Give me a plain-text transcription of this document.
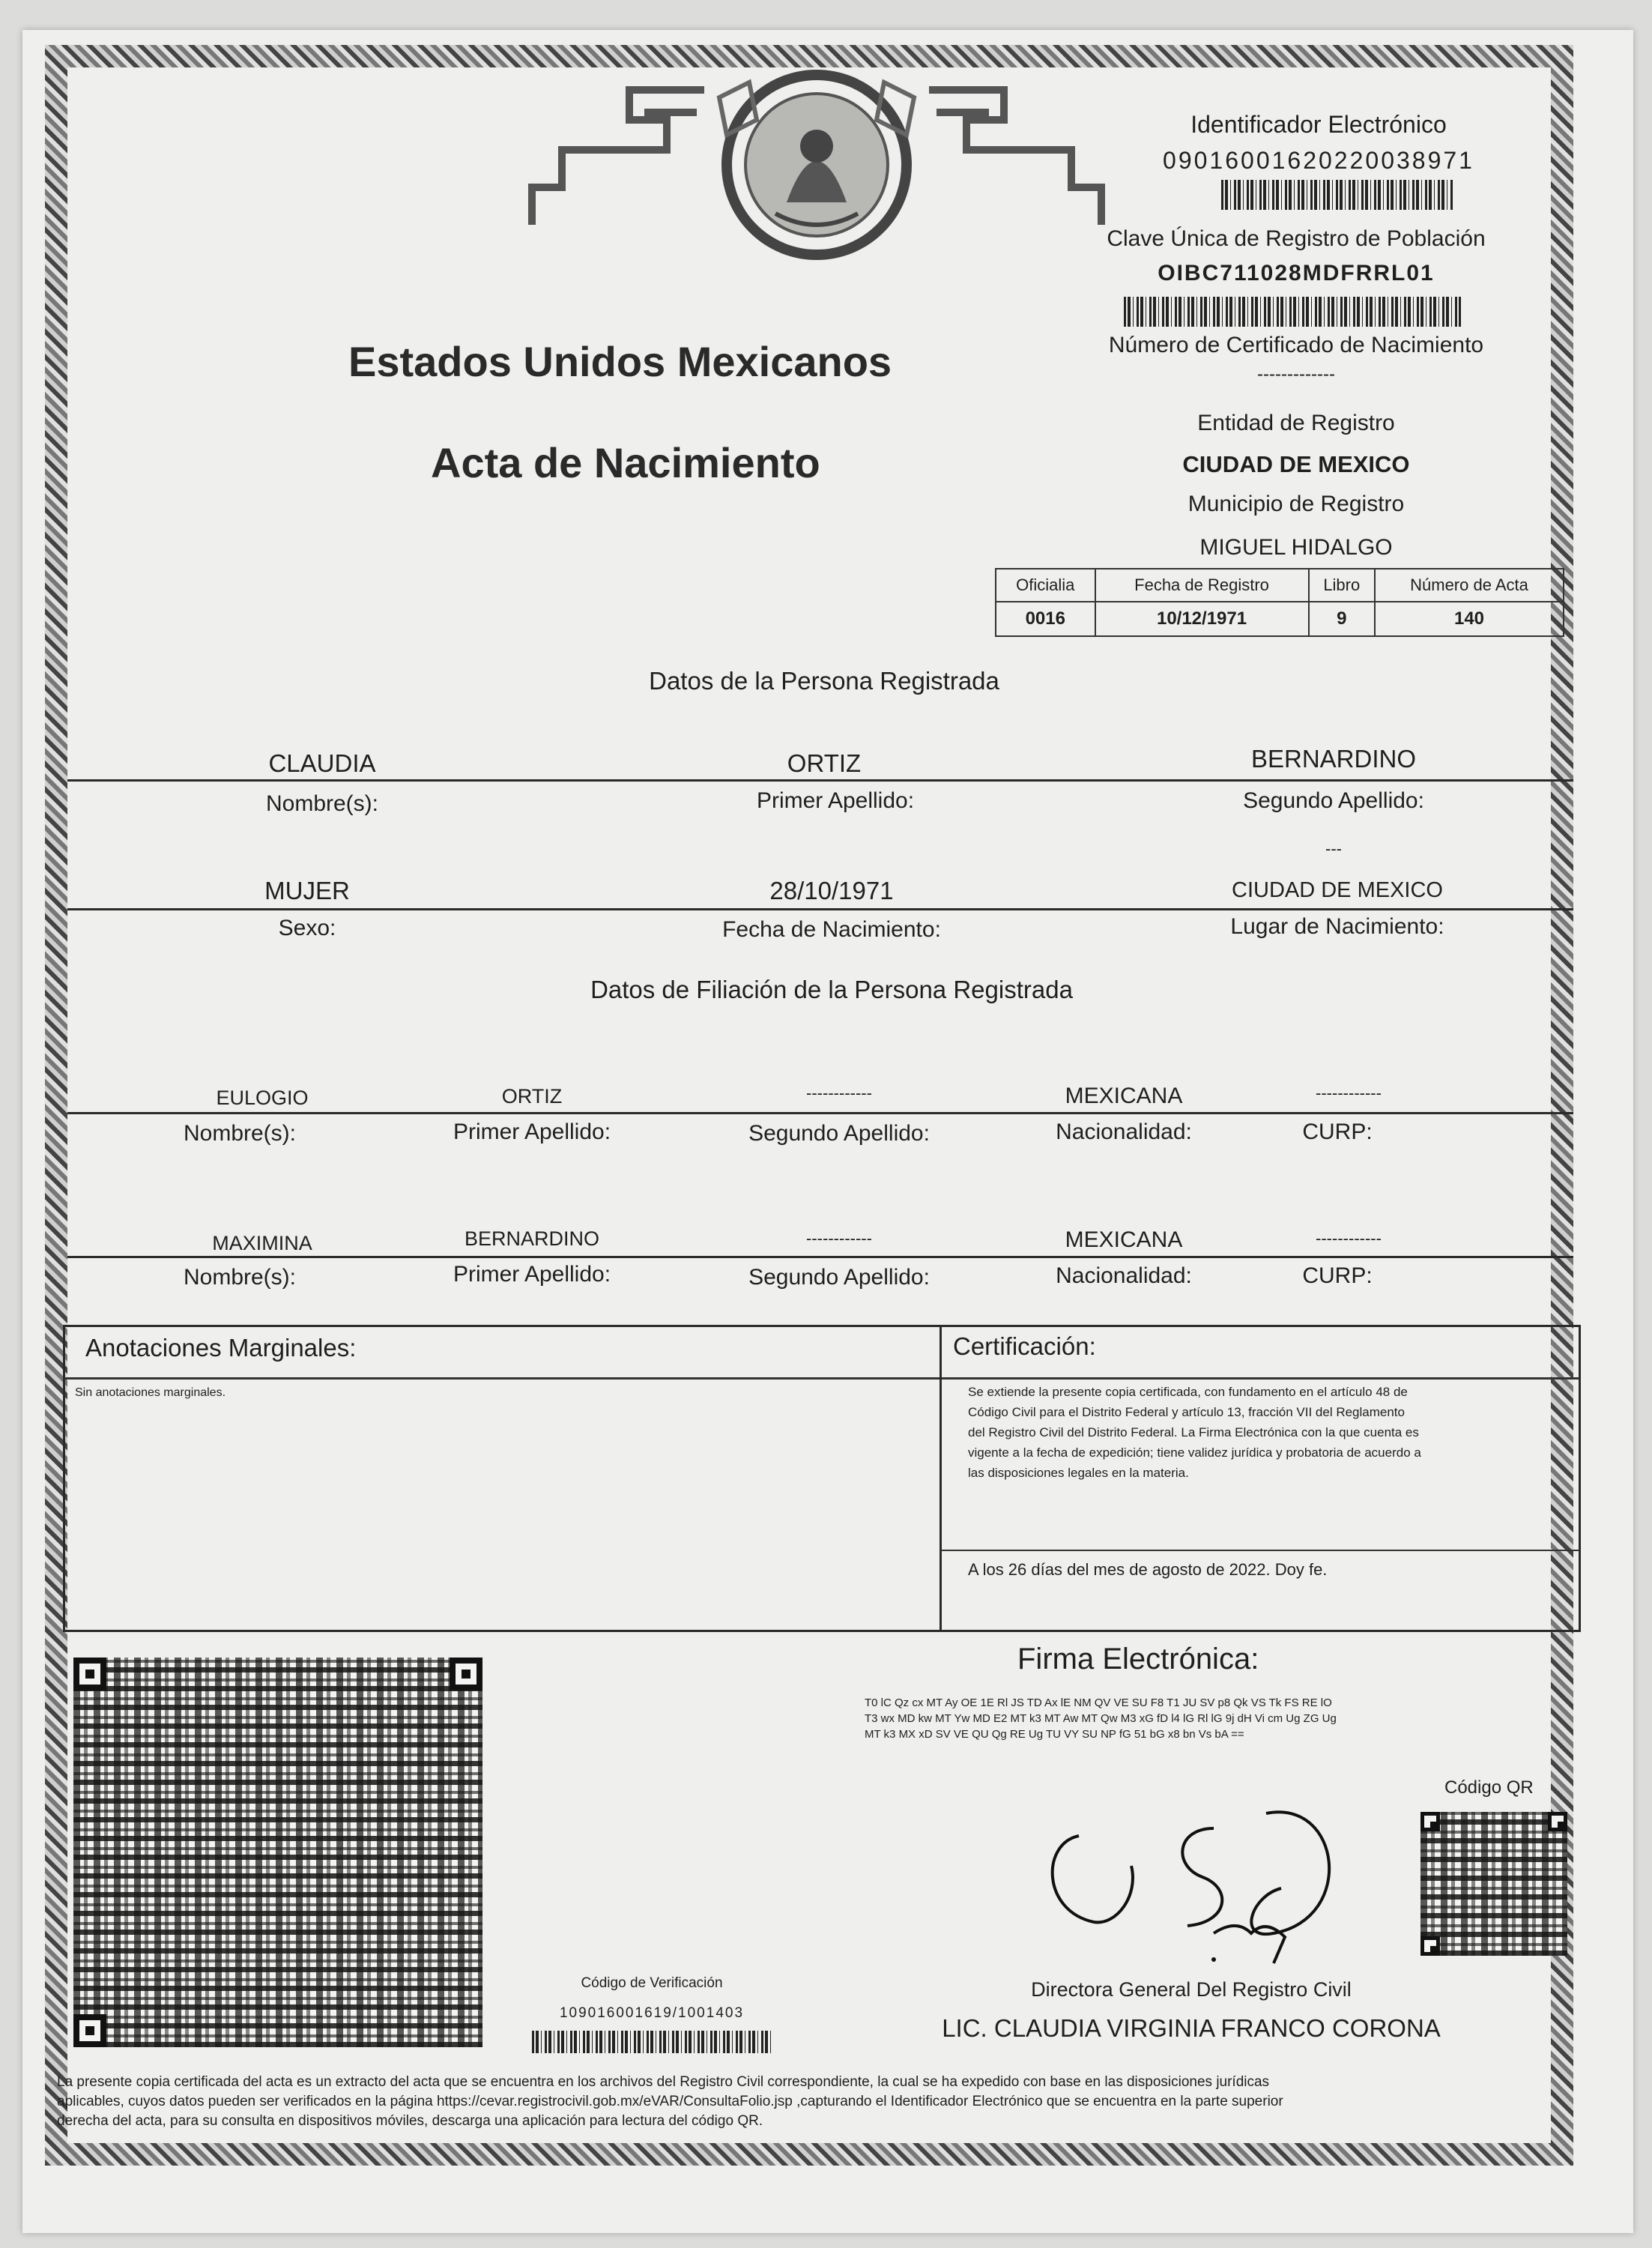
Identificador Electrónico
09016001620220038971
Clave Única de Registro de Población
OIBC711028MDFRRL01
Número de Certificado de Nacimiento
-------------
Estados Unidos Mexicanos
Acta de Nacimiento
Entidad de Registro
CIUDAD DE MEXICO
Municipio de Registro
MIGUEL HIDALGO
Oficialia	Fecha de Registro	Libro	Número de Acta
0016	10/12/1971	9	140
Datos de la Persona Registrada
CLAUDIA	ORTIZ	BERNARDINO
Nombre(s):	Primer Apellido:	Segundo Apellido:
---
MUJER	28/10/1971	CIUDAD DE MEXICO
Sexo:	Fecha de Nacimiento:	Lugar de Nacimiento:
Datos de Filiación de la Persona Registrada
EULOGIO	ORTIZ	------------	MEXICANA	------------
Nombre(s):	Primer Apellido:	Segundo Apellido:	Nacionalidad:	CURP:
MAXIMINA	BERNARDINO	------------	MEXICANA	------------
Nombre(s):	Primer Apellido:	Segundo Apellido:	Nacionalidad:	CURP:
Anotaciones Marginales:
Sin anotaciones marginales.
Certificación:
Se extiende la presente copia certificada, con fundamento en el artículo 48 de
Código Civil para el Distrito Federal y artículo 13, fracción VII del Reglamento
del Registro Civil del Distrito Federal. La Firma Electrónica con la que cuenta es
vigente a la fecha de expedición; tiene validez jurídica y probatoria de acuerdo a
las disposiciones legales en la materia.
A los 26 días del mes de agosto de 2022. Doy fe.
Código de Verificación
109016001619/1001403
Firma Electrónica:
T0 lC Qz cx MT Ay OE 1E Rl JS TD Ax lE NM QV VE SU F8 T1 JU SV p8 Qk VS Tk FS RE lO
T3 wx MD kw MT Yw MD E2 MT k3 MT Aw MT Qw M3 xG fD l4 lG Rl lG 9j dH Vi cm Ug ZG Ug
MT k3 MX xD SV VE QU Qg RE Ug TU VY SU NP fG 51 bG x8 bn Vs bA ==
Código QR
Directora General Del Registro Civil
LIC. CLAUDIA VIRGINIA FRANCO CORONA
La presente copia certificada del acta es un extracto del acta que se encuentra en los archivos del Registro Civil correspondiente, la cual se ha expedido con base en las disposiciones jurídicas
aplicables, cuyos datos pueden ser verificados en la página https://cevar.registrocivil.gob.mx/eVAR/ConsultaFolio.jsp ,capturando el Identificador Electrónico que se encuentra en la parte superior
derecha del acta, para su consulta en dispositivos móviles, descarga una aplicación para lectura del código QR.
